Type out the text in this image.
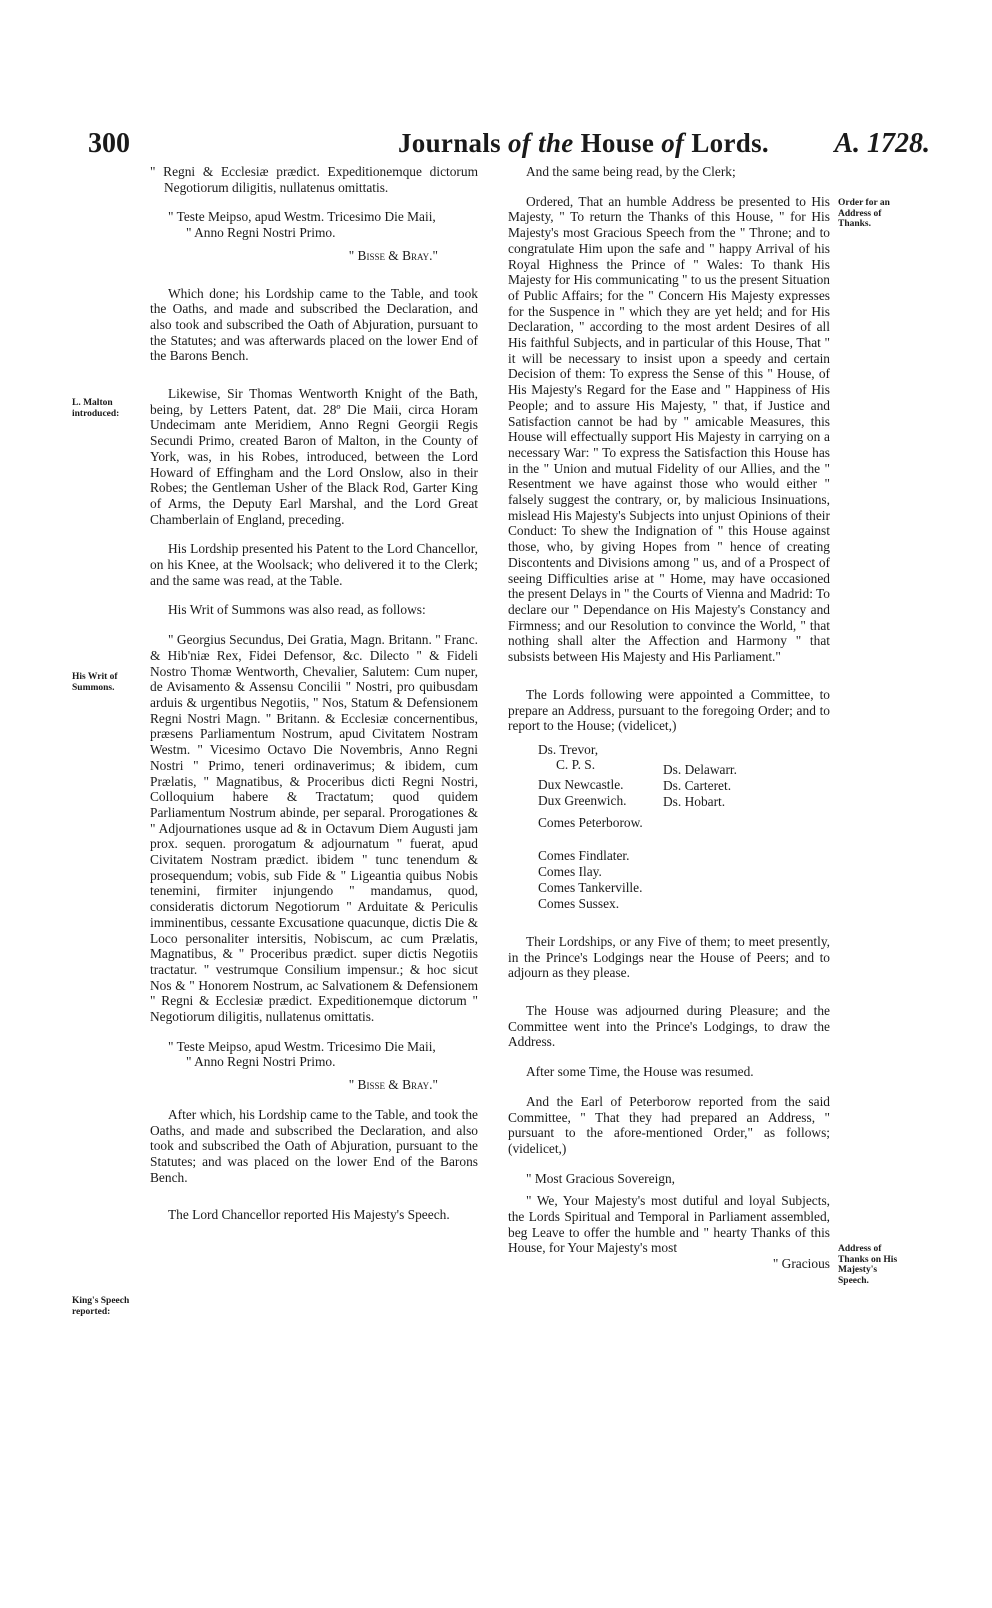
300	Journals of the House of Lords. A. 1728.
L. Malton introduced:
His Writ of Summons.
King's Speech reported:
Order for an Address of Thanks.
Address of Thanks on His Majesty's Speech.

" Regni & Ecclesiæ prædict. Expeditionemque dictorum Negotiorum diligitis, nullatenus omittatis.

" Teste Meipso, apud Westm. Tricesimo Die Maii,

" Anno Regni Nostri Primo.

" Bisse & Bray."

Which done; his Lordship came to the Table, and took the Oaths, and made and subscribed the Declaration, and also took and subscribed the Oath of Abjuration, pursuant to the Statutes; and was afterwards placed on the lower End of the Barons Bench.

Likewise, Sir Thomas Wentworth Knight of the Bath, being, by Letters Patent, dat. 28º Die Maii, circa Horam Undecimam ante Meridiem, Anno Regni Georgii Regis Secundi Primo, created Baron of Malton, in the County of York, was, in his Robes, introduced, between the Lord Howard of Effingham and the Lord Onslow, also in their Robes; the Gentleman Usher of the Black Rod, Garter King of Arms, the Deputy Earl Marshal, and the Lord Great Chamberlain of England, preceding.

His Lordship presented his Patent to the Lord Chancellor, on his Knee, at the Woolsack; who delivered it to the Clerk; and the same was read, at the Table.

His Writ of Summons was also read, as follows:

" Georgius Secundus, Dei Gratia, Magn. Britann. " Franc. & Hib'niæ Rex, Fidei Defensor, &c. Dilecto " & Fideli Nostro Thomæ Wentworth, Chevalier, Salutem: Cum nuper, de Avisamento & Assensu Concilii " Nostri, pro quibusdam arduis & urgentibus Negotiis, " Nos, Statum & Defensionem Regni Nostri Magn. " Britann. & Ecclesiæ concernentibus, præsens Parliamentum Nostrum, apud Civitatem Nostram Westm. " Vicesimo Octavo Die Novembris, Anno Regni Nostri " Primo, teneri ordinaverimus; & ibidem, cum Prælatis, " Magnatibus, & Proceribus dicti Regni Nostri, Colloquium habere & Tractatum; quod quidem Parliamentum Nostrum abinde, per separal. Prorogationes & " Adjournationes usque ad & in Octavum Diem Augusti jam prox. sequen. prorogatum & adjournatum " fuerat, apud Civitatem Nostram prædict. ibidem " tunc tenendum & prosequendum; vobis, sub Fide & " Ligeantia quibus Nobis tenemini, firmiter injungendo " mandamus, quod, consideratis dictorum Negotiorum " Arduitate & Periculis imminentibus, cessante Excusatione quacunque, dictis Die & Loco personaliter intersitis, Nobiscum, ac cum Prælatis, Magnatibus, & " Proceribus prædict. super dictis Negotiis tractatur. " vestrumque Consilium impensur.; & hoc sicut Nos & " Honorem Nostrum, ac Salvationem & Defensionem " Regni & Ecclesiæ prædict. Expeditionemque dictorum " Negotiorum diligitis, nullatenus omittatis.

" Teste Meipso, apud Westm. Tricesimo Die Maii,

" Anno Regni Nostri Primo.

" Bisse & Bray."

After which, his Lordship came to the Table, and took the Oaths, and made and subscribed the Declaration, and also took and subscribed the Oath of Abjuration, pursuant to the Statutes; and was placed on the lower End of the Barons Bench.

The Lord Chancellor reported His Majesty's Speech.

And the same being read, by the Clerk;

Ordered, That an humble Address be presented to His Majesty, " To return the Thanks of this House, " for His Majesty's most Gracious Speech from the " Throne; and to congratulate Him upon the safe and " happy Arrival of his Royal Highness the Prince of " Wales: To thank His Majesty for His communicating " to us the present Situation of Public Affairs; for the " Concern His Majesty expresses for the Suspence in " which they are yet held; and for His Declaration, " according to the most ardent Desires of all His faithful Subjects, and in particular of this House, That " it will be necessary to insist upon a speedy and certain Decision of them: To express the Sense of this " House, of His Majesty's Regard for the Ease and " Happiness of His People; and to assure His Majesty, " that, if Justice and Satisfaction cannot be had by " amicable Measures, this House will effectually support His Majesty in carrying on a necessary War: " To express the Satisfaction this House has in the " Union and mutual Fidelity of our Allies, and the " Resentment we have against those who would either " falsely suggest the contrary, or, by malicious Insinuations, mislead His Majesty's Subjects into unjust Opinions of their Conduct: To shew the Indignation of " this House against those, who, by giving Hopes from " hence of creating Discontents and Divisions among " us, and of a Prospect of seeing Difficulties arise at " Home, may have occasioned the present Delays in " the Courts of Vienna and Madrid: To declare our " Dependance on His Majesty's Constancy and Firmness; and our Resolution to convince the World, " that nothing shall alter the Affection and Harmony " that subsists between His Majesty and His Parliament."

The Lords following were appointed a Committee, to prepare an Address, pursuant to the foregoing Order; and to report to the House; (videlicet,)

Ds. Trevor,
C. P. S.
Dux Newcastle.
Dux Greenwich.
Comes Peterborow.
Comes Findlater.
Comes Ilay.
Comes Tankerville.
Comes Sussex.
Ds. Delawarr.
Ds. Carteret.
Ds. Hobart.

Their Lordships, or any Five of them; to meet presently, in the Prince's Lodgings near the House of Peers; and to adjourn as they please.

The House was adjourned during Pleasure; and the Committee went into the Prince's Lodgings, to draw the Address.

After some Time, the House was resumed.

And the Earl of Peterborow reported from the said Committee, " That they had prepared an Address, " pursuant to the afore-mentioned Order," as follows; (videlicet,)

" Most Gracious Sovereign,

" We, Your Majesty's most dutiful and loyal Subjects, the Lords Spiritual and Temporal in Parliament assembled, beg Leave to offer the humble and " hearty Thanks of this House, for Your Majesty's most

" Gracious
